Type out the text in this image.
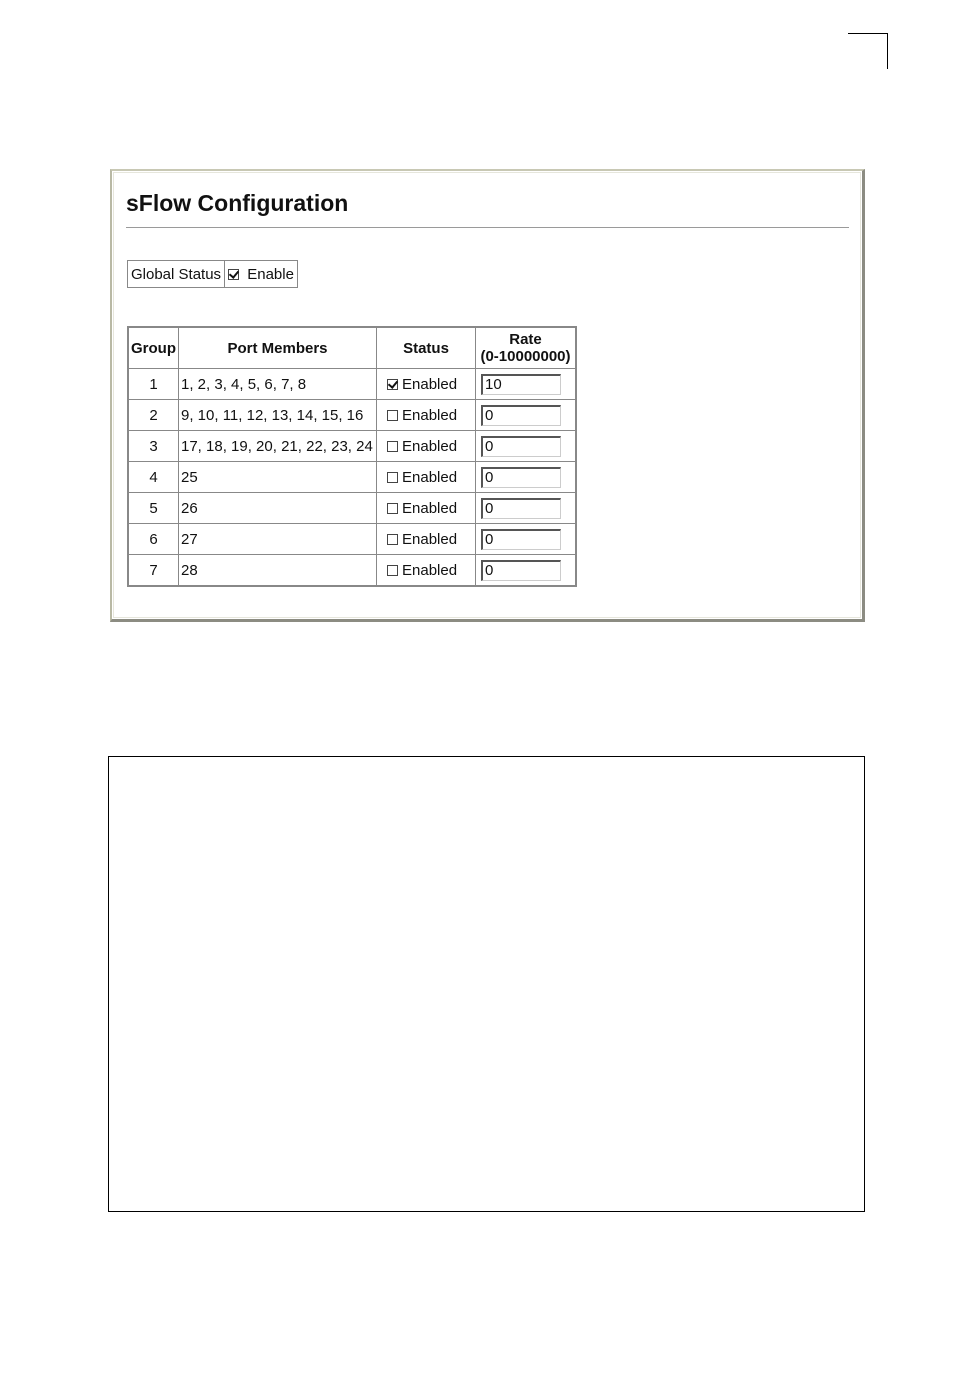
sFlow Configuration
Global Status	Enable
Group	Port Members	Status	Rate
(0-10000000)
1	1, 2, 3, 4, 5, 6, 7, 8	Enabled	10
2	9, 10, 11, 12, 13, 14, 15, 16	Enabled	0
3	17, 18, 19, 20, 21, 22, 23, 24	Enabled	0
4	25	Enabled	0
5	26	Enabled	0
6	27	Enabled	0
7	28	Enabled	0
